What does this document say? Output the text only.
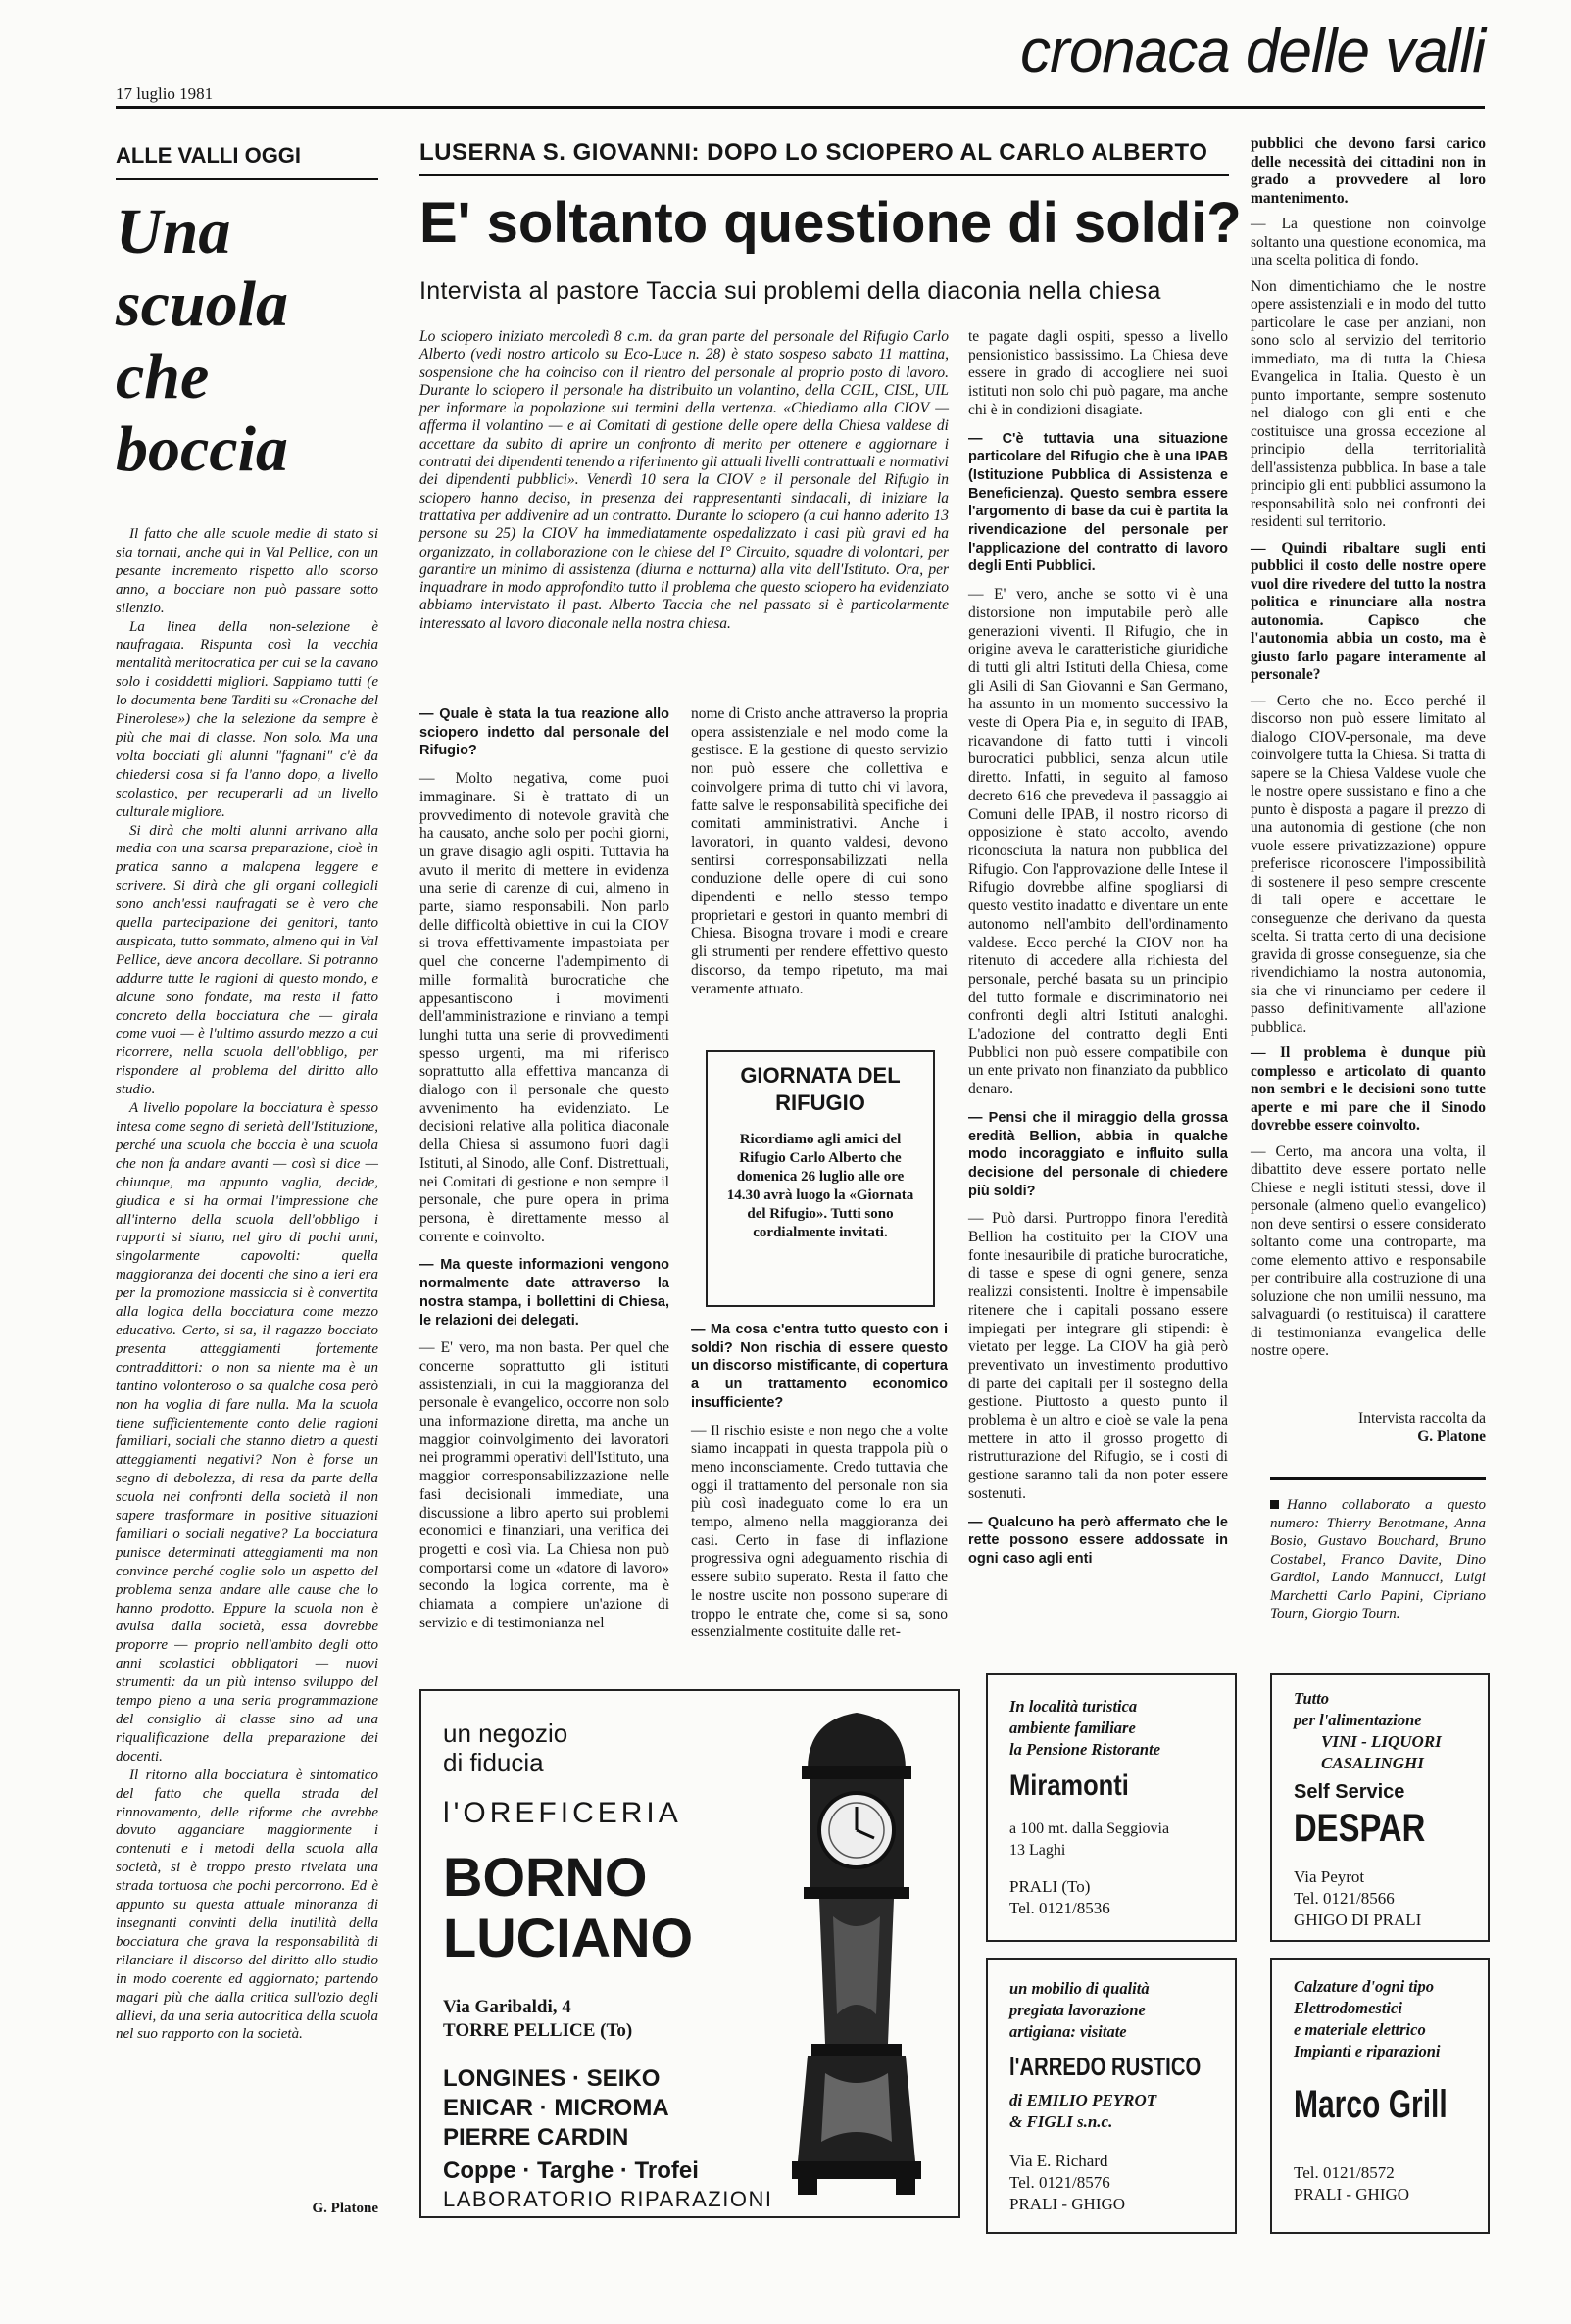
cronaca delle valli
17 luglio 1981
ALLE VALLI OGGI
Una
scuola
che
boccia

Il fatto che alle scuole medie di stato si sia tornati, anche qui in Val Pellice, con un pesante incremento rispetto allo scorso anno, a bocciare non può passare sotto silenzio.

La linea della non-selezione è naufragata. Rispunta così la vecchia mentalità meritocratica per cui se la cavano solo i cosiddetti migliori. Sappiamo tutti (e lo documenta bene Tarditi su «Cronache del Pinerolese») che la selezione da sempre è più che mai di classe. Non solo. Ma una volta bocciati gli alunni "fagnani" c'è da chiedersi cosa si fa l'anno dopo, a livello scolastico, per recuperarli ad un livello culturale migliore.

Si dirà che molti alunni arrivano alla media con una scarsa preparazione, cioè in pratica sanno a malapena leggere e scrivere. Si dirà che gli organi collegiali sono anch'essi naufragati se è vero che quella partecipazione dei genitori, tanto auspicata, tutto sommato, almeno qui in Val Pellice, deve ancora decollare. Si potranno addurre tutte le ragioni di questo mondo, e alcune sono fondate, ma resta il fatto concreto della bocciatura che — girala come vuoi — è l'ultimo assurdo mezzo a cui ricorrere, nella scuola dell'obbligo, per rispondere al problema del diritto allo studio.

A livello popolare la bocciatura è spesso intesa come segno di serietà dell'Istituzione, perché una scuola che boccia è una scuola che non fa andare avanti — così si dice — chiunque, ma appunto vaglia, decide, giudica e si ha ormai l'impressione che all'interno della scuola dell'obbligo i rapporti si siano, nel giro di pochi anni, singolarmente capovolti: quella maggioranza dei docenti che sino a ieri era per la promozione massiccia si è convertita alla logica della bocciatura come mezzo educativo. Certo, si sa, il ragazzo bocciato presenta atteggiamenti fortemente contraddittori: o non sa niente ma è un tantino volonteroso o sa qualche cosa però non ha voglia di fare nulla. Ma la scuola tiene sufficientemente conto delle ragioni familiari, sociali che stanno dietro a questi atteggiamenti negativi? Non è forse un segno di debolezza, di resa da parte della scuola nei confronti della società il non sapere trasformare in positive situazioni familiari o sociali negative? La bocciatura punisce determinati atteggiamenti ma non convince perché coglie solo un aspetto del problema senza andare alle cause che lo hanno prodotto. Eppure la scuola non è avulsa dalla società, essa dovrebbe proporre — proprio nell'ambito degli otto anni scolastici obbligatori — nuovi strumenti: da un più intenso sviluppo del tempo pieno a una seria programmazione del consiglio di classe sino ad una riqualificazione della preparazione dei docenti.

Il ritorno alla bocciatura è sintomatico del fatto che quella strada del rinnovamento, delle riforme che avrebbe dovuto agganciare maggiormente i contenuti e i metodi della scuola alla società, si è troppo presto rivelata una strada tortuosa che pochi percorrono. Ed è appunto su questa attuale minoranza di insegnanti convinti della inutilità della bocciatura che grava la responsabilità di rilanciare il discorso del diritto allo studio in modo coerente ed aggiornato; partendo magari più che dalla critica sull'ozio degli allievi, da una seria autocritica della scuola nel suo rapporto con la società.

G. Platone
LUSERNA S. GIOVANNI: DOPO LO SCIOPERO AL CARLO ALBERTO
E' soltanto questione di soldi?
Intervista al pastore Taccia sui problemi della diaconia nella chiesa
Lo sciopero iniziato mercoledì 8 c.m. da gran parte del personale del Rifugio Carlo Alberto (vedi nostro articolo su Eco-Luce n. 28) è stato sospeso sabato 11 mattina, sospensione che ha coinciso con il rientro del personale al proprio posto di lavoro. Durante lo sciopero il personale ha distribuito un volantino, della CGIL, CISL, UIL per informare la popolazione sui termini della vertenza. «Chiediamo alla CIOV — afferma il volantino — e ai Comitati di gestione delle opere della Chiesa valdese di accettare da subito di aprire un confronto di merito per ottenere e aggiornare i contratti dei dipendenti tenendo a riferimento gli attuali livelli contrattuali e normativi dei dipendenti pubblici». Venerdì 10 sera la CIOV e il personale del Rifugio in sciopero hanno deciso, in presenza dei rappresentanti sindacali, di iniziare la trattativa per addivenire ad un contratto. Durante lo sciopero (a cui hanno aderito 13 persone su 25) la CIOV ha immediatamente ospedalizzato i casi più gravi ed ha organizzato, in collaborazione con le chiese del I° Circuito, squadre di volontari, per garantire un minimo di assistenza (diurna e notturna) alla vita dell'Istituto. Ora, per inquadrare in modo approfondito tutto il problema che questo sciopero ha evidenziato abbiamo intervistato il past. Alberto Taccia che nel passato si è particolarmente interessato al lavoro diaconale nella nostra chiesa.

— Quale è stata la tua reazione allo sciopero indetto dal personale del Rifugio?

— Molto negativa, come puoi immaginare. Si è trattato di un provvedimento di notevole gravità che ha causato, anche solo per pochi giorni, un grave disagio agli ospiti. Tuttavia ha avuto il merito di mettere in evidenza una serie di carenze di cui, almeno in parte, siamo responsabili. Non parlo delle difficoltà obiettive in cui la CIOV si trova effettivamente impastoiata per quel che concerne l'adempimento di mille formalità burocratiche che appesantiscono i movimenti dell'amministrazione e rinviano a tempi lunghi tutta una serie di provvedimenti spesso urgenti, ma mi riferisco soprattutto alla effettiva mancanza di dialogo con il personale che questo avvenimento ha evidenziato. Le decisioni relative alla politica diaconale della Chiesa si assumono fuori dagli Istituti, al Sinodo, alle Conf. Distrettuali, nei Comitati di gestione e non sempre il personale, che pure opera in prima persona, è direttamente messo al corrente e coinvolto.

— Ma queste informazioni vengono normalmente date attraverso la nostra stampa, i bollettini di Chiesa, le relazioni dei delegati.

— E' vero, ma non basta. Per quel che concerne soprattutto gli istituti assistenziali, in cui la maggioranza del personale è evangelico, occorre non solo una informazione diretta, ma anche un maggior coinvolgimento dei lavoratori nei programmi operativi dell'Istituto, una maggior corresponsabilizzazione nelle fasi decisionali immediate, una discussione a libro aperto sui problemi economici e finanziari, una verifica dei progetti e così via. La Chiesa non può comportarsi come un «datore di lavoro» secondo la logica corrente, ma è chiamata a compiere un'azione di servizio e di testimonianza nel

nome di Cristo anche attraverso la propria opera assistenziale e nel modo come la gestisce. E la gestione di questo servizio non può essere che collettiva e coinvolgere prima di tutto chi vi lavora, fatte salve le responsabilità specifiche dei comitati amministrativi. Anche i lavoratori, in quanto valdesi, devono sentirsi corresponsabilizzati nella conduzione delle opere di cui sono dipendenti e nello stesso tempo proprietari e gestori in quanto membri di Chiesa. Bisogna trovare i modi e creare gli strumenti per rendere effettivo questo discorso, da tempo ripetuto, ma mai veramente attuato.

GIORNATA DEL RIFUGIO
Ricordiamo agli amici del Rifugio Carlo Alberto che domenica 26 luglio alle ore 14.30 avrà luogo la «Giornata del Rifugio». Tutti sono cordialmente invitati.

— Ma cosa c'entra tutto questo con i soldi? Non rischia di essere questo un discorso mistificante, di copertura a un trattamento economico insufficiente?

— Il rischio esiste e non nego che a volte siamo incappati in questa trappola più o meno inconsciamente. Credo tuttavia che oggi il trattamento del personale non sia più così inadeguato come lo era un tempo, almeno nella maggioranza dei casi. Certo in fase di inflazione progressiva ogni adeguamento rischia di essere subito superato. Resta il fatto che le nostre uscite non possono superare di troppo le entrate che, come si sa, sono essenzialmente costituite dalle ret-

te pagate dagli ospiti, spesso a livello pensionistico bassissimo. La Chiesa deve essere in grado di accogliere nei suoi istituti non solo chi può pagare, ma anche chi è in condizioni disagiate.

— C'è tuttavia una situazione particolare del Rifugio che è una IPAB (Istituzione Pubblica di Assistenza e Beneficienza). Questo sembra essere l'argomento di base da cui è partita la rivendicazione del personale per l'applicazione del contratto di lavoro degli Enti Pubblici.

— E' vero, anche se sotto vi è una distorsione non imputabile però alle generazioni viventi. Il Rifugio, che in origine aveva le caratteristiche giuridiche di tutti gli altri Istituti della Chiesa, come gli Asili di San Giovanni e San Germano, ha assunto in un momento successivo la veste di Opera Pia e, in seguito di IPAB, ricavandone di fatto tutti i vincoli burocratici pubblici, senza alcun utile diretto. Infatti, in seguito al famoso decreto 616 che prevedeva il passaggio ai Comuni delle IPAB, il nostro ricorso di opposizione è stato accolto, avendo riconosciuta la natura non pubblica del Rifugio. Con l'approvazione delle Intese il Rifugio dovrebbe alfine spogliarsi di questo vestito inadatto e diventare un ente autonomo nell'ambito dell'ordinamento valdese. Ecco perché la CIOV non ha ritenuto di accedere alla richiesta del personale, perché basata su un principio del tutto formale e discriminatorio nei confronti degli altri Istituti analoghi. L'adozione del contratto degli Enti Pubblici non può essere compatibile con un ente privato non finanziato da pubblico denaro.

— Pensi che il miraggio della grossa eredità Bellion, abbia in qualche modo incoraggiato e influito sulla decisione del personale di chiedere più soldi?

— Può darsi. Purtroppo finora l'eredità Bellion ha costituito per la CIOV una fonte inesauribile di pratiche burocratiche, di tasse e spese di ogni genere, senza realizzi consistenti. Inoltre è impensabile ritenere che i capitali possano essere impiegati per integrare gli stipendi: è vietato per legge. La CIOV ha già però preventivato un investimento produttivo di parte dei capitali per il sostegno della gestione. Piuttosto a questo punto il problema è un altro e cioè se vale la pena mettere in atto il grosso progetto di ristrutturazione del Rifugio, se i costi di gestione saranno tali da non poter essere sostenuti.

— Qualcuno ha però affermato che le rette possono essere addossate in ogni caso agli enti

pubblici che devono farsi carico delle necessità dei cittadini non in grado a provvedere al loro mantenimento.

— La questione non coinvolge soltanto una questione economica, ma una scelta politica di fondo.

Non dimentichiamo che le nostre opere assistenziali e in modo del tutto particolare le case per anziani, non sono solo al servizio del territorio immediato, ma di tutta la Chiesa Evangelica in Italia. Questo è un punto importante, sempre sostenuto nel dialogo con gli enti e che costituisce una grossa eccezione al principio della territorialità dell'assistenza pubblica. In base a tale principio gli enti pubblici assumono la responsabilità solo nei confronti dei residenti sul territorio.

— Quindi ribaltare sugli enti pubblici il costo delle nostre opere vuol dire rivedere del tutto la nostra politica e rinunciare alla nostra autonomia. Capisco che l'autonomia abbia un costo, ma è giusto farlo pagare interamente al personale?

— Certo che no. Ecco perché il discorso non può essere limitato al dialogo CIOV-personale, ma deve coinvolgere tutta la Chiesa. Si tratta di sapere se la Chiesa Valdese vuole che le nostre opere sussistano e fino a che punto è disposta a pagare il prezzo di una autonomia di gestione (che non vuole essere privatizzazione) oppure preferisce riconoscere l'impossibilità di sostenere il peso sempre crescente di tali opere e accettare le conseguenze che derivano da questa scelta. Si tratta certo di una decisione gravida di grosse conseguenze, sia che rivendichiamo la nostra autonomia, sia che vi rinunciamo per cedere il passo definitivamente all'azione pubblica.

— Il problema è dunque più complesso e articolato di quanto non sembri e le decisioni sono tutte aperte e mi pare che il Sinodo dovrebbe essere coinvolto.

— Certo, ma ancora una volta, il dibattito deve essere portato nelle Chiese e negli istituti stessi, dove il personale (almeno quello evangelico) non deve sentirsi o essere considerato soltanto come una controparte, ma come elemento attivo e responsabile per contribuire alla costruzione di una soluzione che non umilii nessuno, ma salvaguardi (o restituisca) il carattere di testimonianza evangelica delle nostre opere.

Intervista raccolta da
G. Platone
Hanno collaborato a questo numero: Thierry Benotmane, Anna Bosio, Gustavo Bouchard, Bruno Costabel, Franco Davite, Dino Gardiol, Lando Mannucci, Luigi Marchetti Carlo Papini, Cipriano Tourn, Giorgio Tourn.
un negozio
di fiducia
l'OREFICERIA
BORNO
LUCIANO
Via Garibaldi, 4
TORRE PELLICE (To)
LONGINES · SEIKO
ENICAR · MICROMA
PIERRE CARDIN
Coppe · Targhe · Trofei
LABORATORIO RIPARAZIONI
In località turistica
ambiente familiare
la Pensione Ristorante
Miramonti
a 100 mt. dalla Seggiovia
13 Laghi
PRALI (To)
Tel. 0121/8536
Tutto
per l'alimentazione
VINI - LIQUORI
CASALINGHI
Self Service
DESPAR
Via Peyrot
Tel. 0121/8566
GHIGO DI PRALI
un mobilio di qualità
pregiata lavorazione
artigiana: visitate
l'ARREDO RUSTICO
di EMILIO PEYROT
& FIGLI s.n.c.
Via E. Richard
Tel. 0121/8576
PRALI - GHIGO
Calzature d'ogni tipo
Elettrodomestici
e materiale elettrico
Impianti e riparazioni
Marco Grill
Tel. 0121/8572
PRALI - GHIGO
